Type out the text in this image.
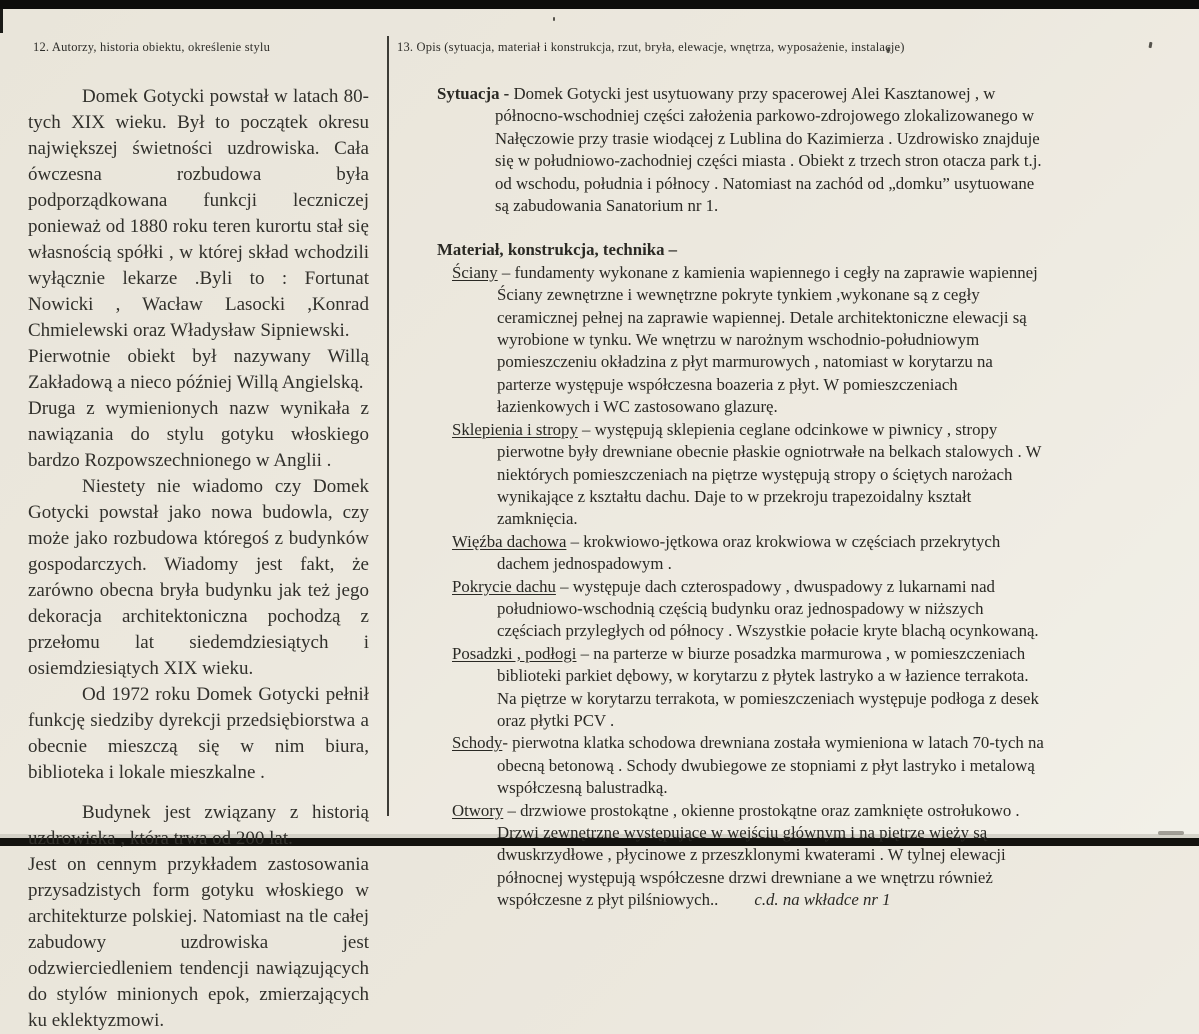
12. Autorzy, historia obiektu, określenie stylu

Domek Gotycki powstał w latach 80-tych XIX wieku. Był to początek okresu największej świetności uzdrowiska. Cała ówczesna rozbudowa była podporządkowana funkcji leczniczej ponieważ od 1880 roku teren kurortu stał się własnością spółki , w której skład wchodzili wyłącznie lekarze .Byli to : Fortunat Nowicki , Wacław Lasocki ,Konrad Chmielewski oraz Władysław Sipniewski.

Pierwotnie obiekt był nazywany Willą Zakładową a nieco później Willą Angielską.

Druga z wymienionych nazw wynikała z nawiązania do stylu gotyku włoskiego bardzo Rozpowszechnionego w Anglii .

Niestety nie wiadomo czy Domek Gotycki powstał jako nowa budowla, czy może jako rozbudowa któregoś z budynków gospodarczych. Wiadomy jest fakt, że zarówno obecna bryła budynku jak też jego dekoracja architektoniczna pochodzą z przełomu lat siedemdziesiątych i osiemdziesiątych XIX wieku.

Od 1972 roku Domek Gotycki pełnił funkcję siedziby dyrekcji przedsiębiorstwa a obecnie mieszczą się w nim biura, biblioteka i lokale mieszkalne .

Budynek jest związany z historią uzdrowiska , która trwa od 200 lat.

Jest on cennym przykładem zastosowania przysadzistych form gotyku włoskiego w architekturze polskiej. Natomiast na tle całej zabudowy uzdrowiska jest odzwierciedleniem tendencji nawiązujących do stylów minionych epok, zmierzających ku eklektyzmowi.

13. Opis (sytuacja, materiał i konstrukcja, rzut, bryła, elewacje, wnętrza, wyposażenie, instalacje)
Sytuacja - Domek Gotycki jest usytuowany przy spacerowej Alei Kasztanowej , w północno-wschodniej części założenia parkowo-zdrojowego zlokalizowanego w Nałęczowie przy trasie wiodącej z Lublina do Kazimierza . Uzdrowisko znajduje się w południowo-zachodniej części miasta . Obiekt z trzech stron otacza park t.j. od wschodu, południa i północy . Natomiast na zachód od „domku” usytuowane są zabudowania Sanatorium nr 1.
Materiał, konstrukcja, technika –
Ściany – fundamenty wykonane z kamienia wapiennego i cegły na zaprawie wapiennej Ściany zewnętrzne i wewnętrzne pokryte tynkiem ,wykonane są z cegły ceramicznej pełnej na zaprawie wapiennej. Detale architektoniczne elewacji są wyrobione w tynku. We wnętrzu w narożnym wschodnio-południowym pomieszczeniu okładzina z płyt marmurowych , natomiast w korytarzu na parterze występuje współczesna boazeria z płyt. W pomieszczeniach łazienkowych i WC zastosowano glazurę.
Sklepienia i stropy – występują sklepienia ceglane odcinkowe w piwnicy , stropy pierwotne były drewniane obecnie płaskie ogniotrwałe na belkach stalowych . W niektórych pomieszczeniach na piętrze występują stropy o ściętych narożach wynikające z kształtu dachu. Daje to w przekroju trapezoidalny kształt zamknięcia.
Więźba dachowa – krokwiowo-jętkowa oraz krokwiowa w częściach przekrytych dachem jednospadowym .
Pokrycie dachu – występuje dach czterospadowy , dwuspadowy z lukarnami nad południowo-wschodnią częścią budynku oraz jednospadowy w niższych częściach przyległych od północy . Wszystkie połacie kryte blachą ocynkowaną.
Posadzki , podłogi – na parterze w biurze posadzka marmurowa , w pomieszczeniach biblioteki parkiet dębowy, w korytarzu z płytek lastryko a w łazience terrakota. Na piętrze w korytarzu terrakota, w pomieszczeniach występuje podłoga z desek oraz płytki PCV .
Schody- pierwotna klatka schodowa drewniana została wymieniona w latach 70-tych na obecną betonową . Schody dwubiegowe ze stopniami z płyt lastryko i metalową współczesną balustradką.
Otwory – drzwiowe prostokątne , okienne prostokątne oraz zamknięte ostrołukowo . Drzwi zewnętrzne występujące w wejściu głównym i na piętrze wieży są dwuskrzydłowe , płycinowe z przeszklonymi kwaterami . W tylnej elewacji północnej występują współczesne drzwi drewniane a we wnętrzu również współczesne z płyt pilśniowych.. c.d. na wkładce nr 1
